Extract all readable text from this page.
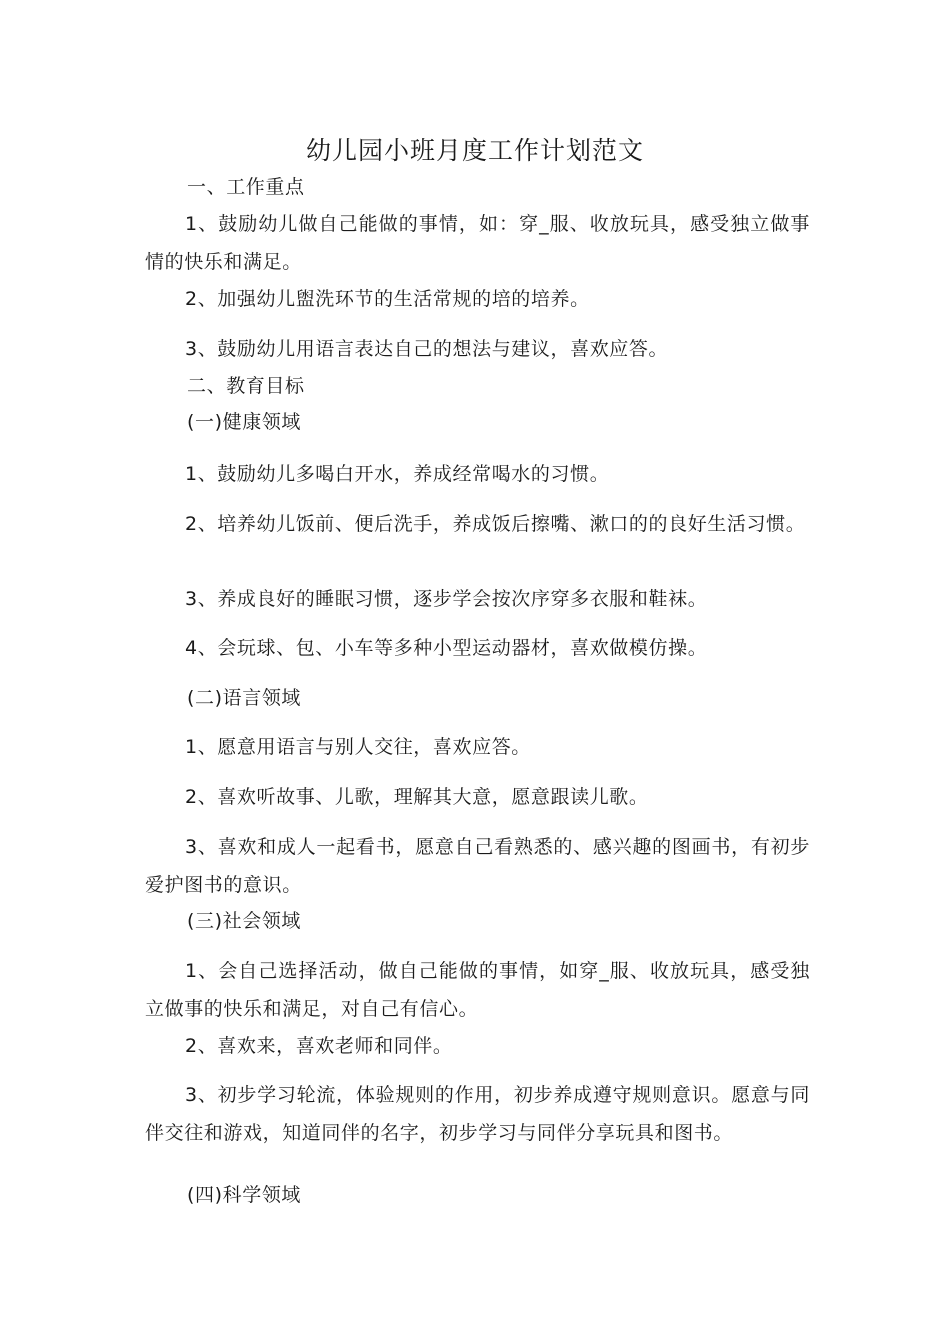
幼儿园小班月度工作计划范文

一、工作重点

1、鼓励幼儿做自己能做的事情，如：穿_服、收放玩具，感受独立做事情的快乐和满足。

2、加强幼儿盥洗环节的生活常规的培的培养。

3、鼓励幼儿用语言表达自己的想法与建议，喜欢应答。

二、教育目标

(一)健康领域

1、鼓励幼儿多喝白开水，养成经常喝水的习惯。

2、培养幼儿饭前、便后洗手，养成饭后擦嘴、漱口的的良好生活习惯。

3、养成良好的睡眠习惯，逐步学会按次序穿多衣服和鞋袜。

4、会玩球、包、小车等多种小型运动器材，喜欢做模仿操。

(二)语言领域

1、愿意用语言与别人交往，喜欢应答。

2、喜欢听故事、儿歌，理解其大意，愿意跟读儿歌。

3、喜欢和成人一起看书，愿意自己看熟悉的、感兴趣的图画书，有初步爱护图书的意识。

(三)社会领域

1、会自己选择活动，做自己能做的事情，如穿_服、收放玩具，感受独立做事的快乐和满足，对自己有信心。

2、喜欢来，喜欢老师和同伴。

3、初步学习轮流，体验规则的作用，初步养成遵守规则意识。愿意与同伴交往和游戏，知道同伴的名字，初步学习与同伴分享玩具和图书。

(四)科学领域
